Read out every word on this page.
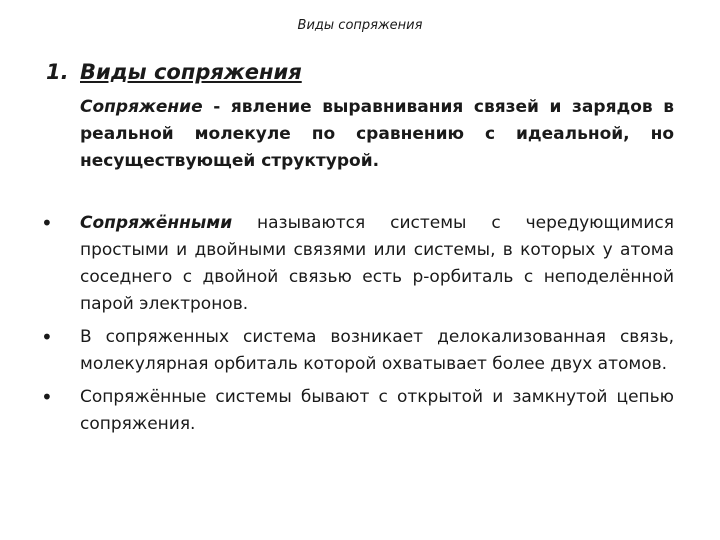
Виды сопряжения
1. Виды сопряжения
Сопряжение - явление выравнивания связей и зарядов в реальной молекуле по сравнению с идеальной, но несуществующей структурой.
• Сопряжёнными называются системы с чередующимися простыми и двойными связями или системы, в которых у атома соседнего с двойной связью есть р-орбиталь с неподелённой парой электронов.
• В сопряженных система возникает делокализованная связь, молекулярная орбиталь которой охватывает более двух атомов.
• Сопряжённые системы бывают с открытой и замкнутой цепью сопряжения.
